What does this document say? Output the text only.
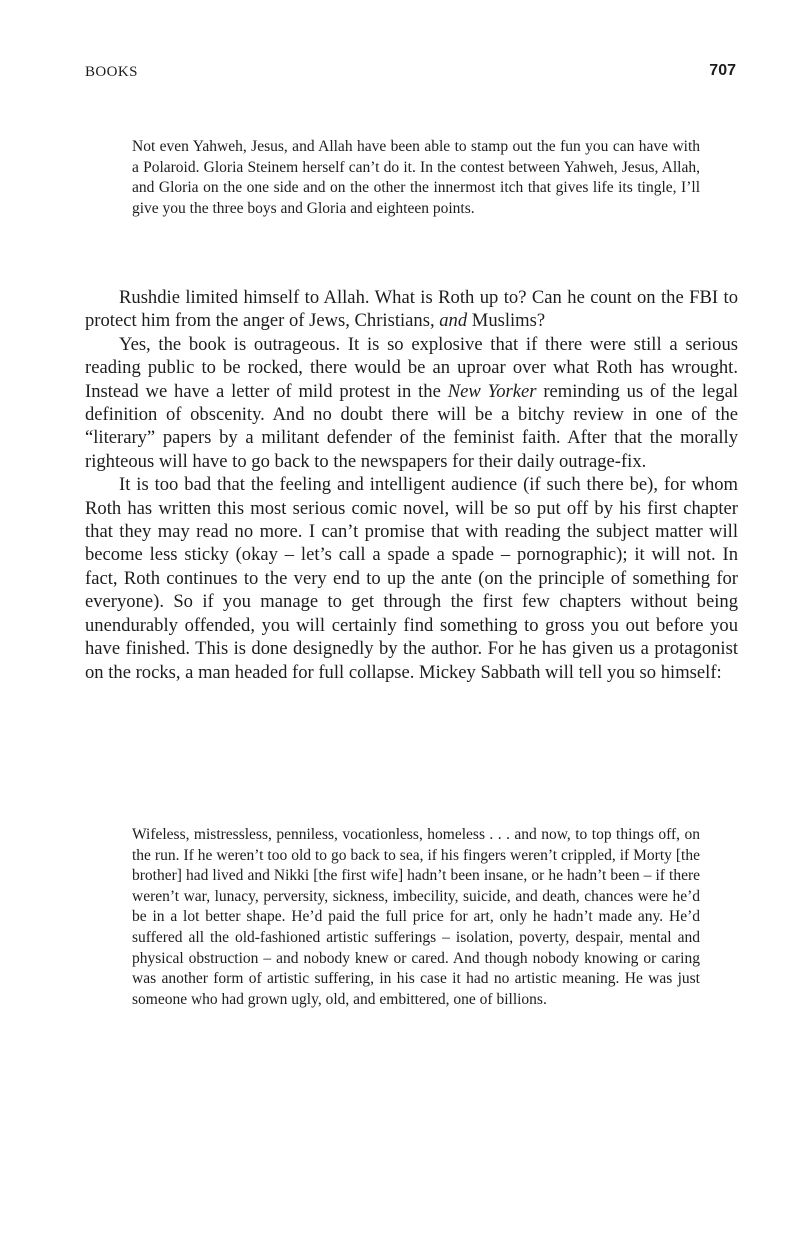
BOOKS	707

Not even Yahweh, Jesus, and Allah have been able to stamp out the fun you can have with a Polaroid. Gloria Steinem herself can’t do it. In the contest between Yahweh, Jesus, Allah, and Gloria on the one side and on the other the innermost itch that gives life its tingle, I’ll give you the three boys and Gloria and eighteen points.

Rushdie limited himself to Allah. What is Roth up to? Can he count on the FBI to protect him from the anger of Jews, Christians, and Muslims?

Yes, the book is outrageous. It is so explosive that if there were still a serious reading public to be rocked, there would be an uproar over what Roth has wrought. Instead we have a letter of mild protest in the New Yorker reminding us of the legal definition of obscenity. And no doubt there will be a bitchy review in one of the “literary” papers by a militant defender of the feminist faith. After that the morally righteous will have to go back to the newspapers for their daily outrage-fix.

It is too bad that the feeling and intelligent audience (if such there be), for whom Roth has written this most serious comic novel, will be so put off by his first chapter that they may read no more. I can’t promise that with reading the subject matter will become less sticky (okay – let’s call a spade a spade – pornographic); it will not. In fact, Roth continues to the very end to up the ante (on the principle of something for everyone). So if you manage to get through the first few chapters without being unendurably offended, you will certainly find something to gross you out before you have finished. This is done designedly by the author. For he has given us a protagonist on the rocks, a man headed for full collapse. Mickey Sabbath will tell you so himself:

Wifeless, mistressless, penniless, vocationless, homeless . . . and now, to top things off, on the run. If he weren’t too old to go back to sea, if his fingers weren’t crippled, if Morty [the brother] had lived and Nikki [the first wife] hadn’t been insane, or he hadn’t been – if there weren’t war, lunacy, perversity, sickness, imbecility, suicide, and death, chances were he’d be in a lot better shape. He’d paid the full price for art, only he hadn’t made any. He’d suffered all the old-fashioned artistic sufferings – isolation, poverty, despair, mental and physical obstruction – and nobody knew or cared. And though nobody knowing or caring was another form of artistic suffering, in his case it had no artistic meaning. He was just someone who had grown ugly, old, and embittered, one of billions.
